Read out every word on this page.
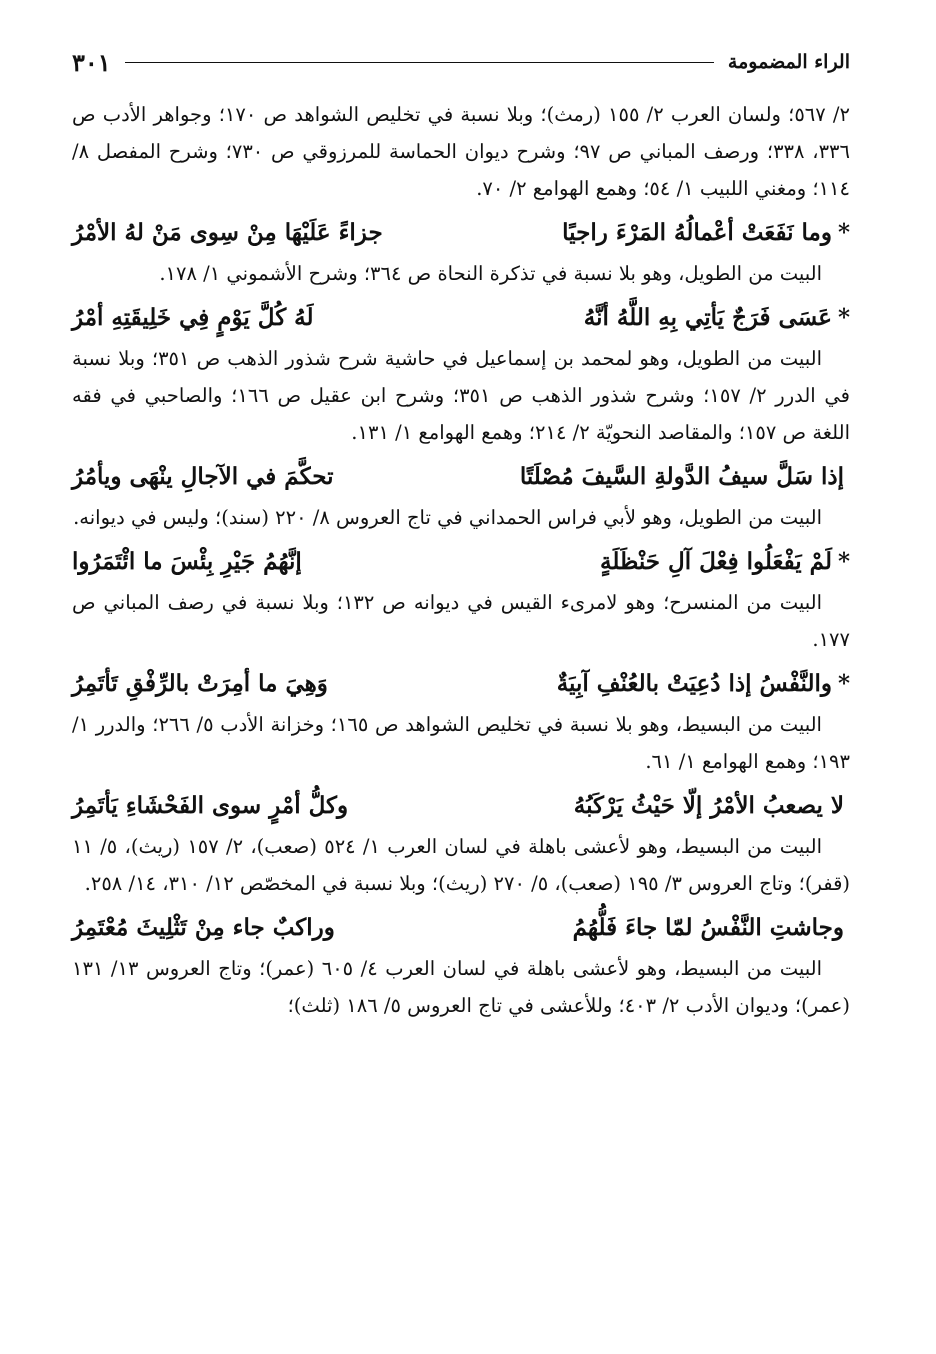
الراء المضمومة
٣٠١

٢/ ٥٦٧؛ ولسان العرب ٢/ ١٥٥ (رمث)؛ وبلا نسبة في تخليص الشواهد ص ١٧٠؛ وجواهر الأدب ص ٣٣٦، ٣٣٨؛ ورصف المباني ص ٩٧؛ وشرح ديوان الحماسة للمرزوقي ص ٧٣٠؛ وشرح المفصل ٨/ ١١٤؛ ومغني اللبيب ١/ ٥٤؛ وهمع الهوامع ٢/ ٧٠.

*وما نَفَعَتْ أعْمالُهُ المَرْءَ راجيًا
جزاءً عَلَيْهَا مِنْ سِوى مَنْ لهُ الأمْرُ

البيت من الطويل، وهو بلا نسبة في تذكرة النحاة ص ٣٦٤؛ وشرح الأشموني ١/ ١٧٨.

*عَسَى فَرَجٌ يَأتِي بِهِ اللَّهُ أنَّهُ
لَهُ كُلَّ يَوْمٍ فِي خَلِيقَتِهِ أمْرُ

البيت من الطويل، وهو لمحمد بن إسماعيل في حاشية شرح شذور الذهب ص ٣٥١؛ وبلا نسبة في الدرر ٢/ ١٥٧؛ وشرح شذور الذهب ص ٣٥١؛ وشرح ابن عقيل ص ١٦٦؛ والصاحبي في فقه اللغة ص ١٥٧؛ والمقاصد النحويّة ٢/ ٢١٤؛ وهمع الهوامع ١/ ١٣١.

إذا سَلَّ سيفُ الدَّولةِ السَّيفَ مُصْلَتًا
تحكَّمَ في الآجالِ ينْهَى ويأمُرُ

البيت من الطويل، وهو لأبي فراس الحمداني في تاج العروس ٨/ ٢٢٠ (سند)؛ وليس في ديوانه.

*لَمْ يَفْعَلُوا فِعْلَ آلِ حَنْظَلَةٍ
إنَّهُمُ جَيْرِ بِئْسَ ما ائْتَمَرُوا

البيت من المنسرح؛ وهو لامرىء القيس في ديوانه ص ١٣٢؛ وبلا نسبة في رصف المباني ص ١٧٧.

*والنَّفْسُ إذا دُعِيَتْ بالعُنْفِ آبِيَةٌ
وَهِيَ ما أمِرَتْ بالرِّفْقِ تَأتَمِرُ

البيت من البسيط، وهو بلا نسبة في تخليص الشواهد ص ١٦٥؛ وخزانة الأدب ٥/ ٢٦٦؛ والدرر ١/ ١٩٣؛ وهمع الهوامع ١/ ٦١.

لا يصعبُ الأمْرُ إلّا حَيْثُ يَرْكَبُهُ
وكلُّ أمْرٍ سوى الفَحْشَاءِ يَأتَمِرُ

البيت من البسيط، وهو لأعشى باهلة في لسان العرب ١/ ٥٢٤ (صعب)، ٢/ ١٥٧ (ريث)، ٥/ ١١ (قفر)؛ وتاج العروس ٣/ ١٩٥ (صعب)، ٥/ ٢٧٠ (ريث)؛ وبلا نسبة في المخصّص ١٢/ ٣١٠، ١٤/ ٢٥٨.

وجاشتِ النَّفْسُ لمّا جاءَ فَلُّهُمُ
وراكبٌ جاء مِنْ تَثْلِيثَ مُعْتَمِرُ

البيت من البسيط، وهو لأعشى باهلة في لسان العرب ٤/ ٦٠٥ (عمر)؛ وتاج العروس ١٣/ ١٣١ (عمر)؛ وديوان الأدب ٢/ ٤٠٣؛ وللأعشى في تاج العروس ٥/ ١٨٦ (ثلث)؛
